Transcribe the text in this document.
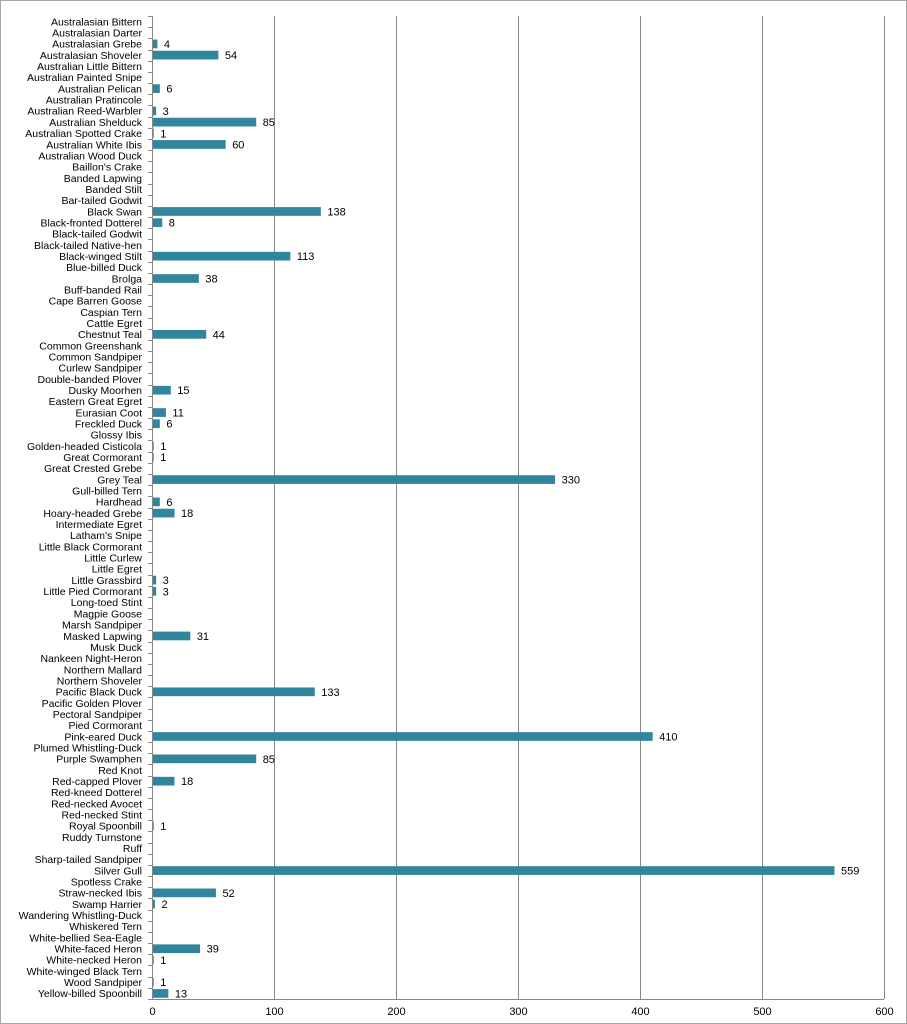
0	100	200	300	400	500	600
Australasian Bittern
Australasian Darter
Australasian Grebe 4
Australasian Shoveler	54
Australian Little Bittern
Australian Painted Snipe
Australian Pelican 6
Australian Pratincole
Australian Reed-Warbler 3
Australian Shelduck	85
Australian Spotted Crake 1
Australian White Ibis	60
Australian Wood Duck
Baillon's Crake
Banded Lapwing
Banded Stilt
Bar-tailed Godwit
Black Swan	138
Black-fronted Dotterel 8
Black-tailed Godwit
Black-tailed Native-hen
Black-winged Stilt	113
Blue-billed Duck
Brolga	38
Buff-banded Rail
Cape Barren Goose
Caspian Tern
Cattle Egret
Chestnut Teal	44
Common Greenshank
Common Sandpiper
Curlew Sandpiper
Double-banded Plover
Dusky Moorhen	15
Eastern Great Egret
Eurasian Coot	11
Freckled Duck 6
Glossy Ibis
Golden-headed Cisticola 1
Great Cormorant 1
Great Crested Grebe
Grey Teal	330
Gull-billed Tern
Hardhead 6
Hoary-headed Grebe	18
Intermediate Egret
Latham's Snipe
Little Black Cormorant
Little Curlew
Little Egret
Little Grassbird 3
Little Pied Cormorant 3
Long-toed Stint
Magpie Goose
Marsh Sandpiper
Masked Lapwing	31
Musk Duck
Nankeen Night-Heron
Northern Mallard
Northern Shoveler
Pacific Black Duck	133
Pacific Golden Plover
Pectoral Sandpiper
Pied Cormorant
Pink-eared Duck	410
Plumed Whistling-Duck
Purple Swamphen	85
Red Knot
Red-capped Plover	18
Red-kneed Dotterel
Red-necked Avocet
Red-necked Stint
Royal Spoonbill 1
Ruddy Turnstone
Ruff
Sharp-tailed Sandpiper
Silver Gull	559
Spotless Crake
Straw-necked Ibis	52
Swamp Harrier 2
Wandering Whistling-Duck
Whiskered Tern
White-bellied Sea-Eagle
White-faced Heron	39
White-necked Heron 1
White-winged Black Tern
Wood Sandpiper 1
Yellow-billed Spoonbill	13
